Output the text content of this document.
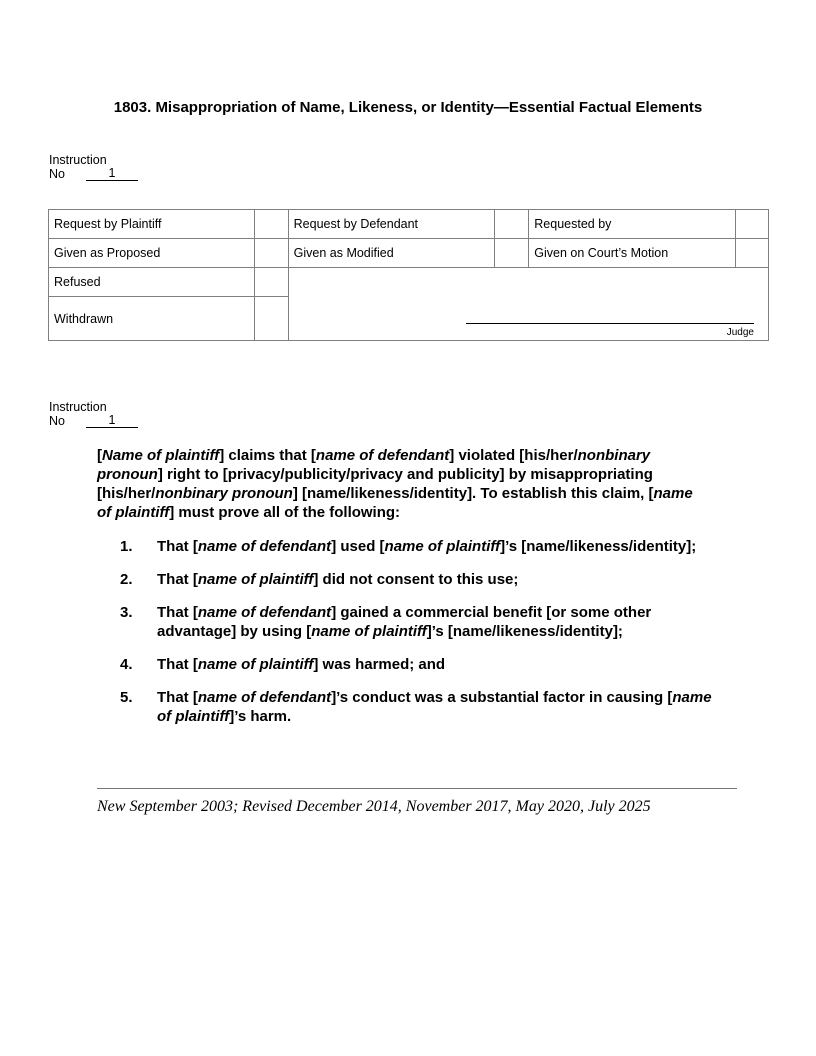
1803. Misappropriation of Name, Likeness, or Identity—Essential Factual Elements
Instruction
No	1
Request by Plaintiff		Request by Defendant		Requested by	
Given as Proposed		Given as Modified		Given on Court’s Motion	
Refused		Judge			

Withdrawn					
Instruction
No	1
[Name of plaintiff] claims that [name of defendant] violated [his/her/nonbinary pronoun] right to [privacy/publicity/privacy and publicity] by misappropriating [his/her/nonbinary pronoun] [name/likeness/identity]. To establish this claim, [name of plaintiff] must prove all of the following:
1.	That [name of defendant] used [name of plaintiff]’s [name/likeness/identity];
2.	That [name of plaintiff] did not consent to this use;
3.	That [name of defendant] gained a commercial benefit [or some other advantage] by using [name of plaintiff]’s [name/likeness/identity];
4.	That [name of plaintiff] was harmed; and
5.	That [name of defendant]’s conduct was a substantial factor in causing [name of plaintiff]’s harm.
New September 2003; Revised December 2014, November 2017, May 2020, July 2025
